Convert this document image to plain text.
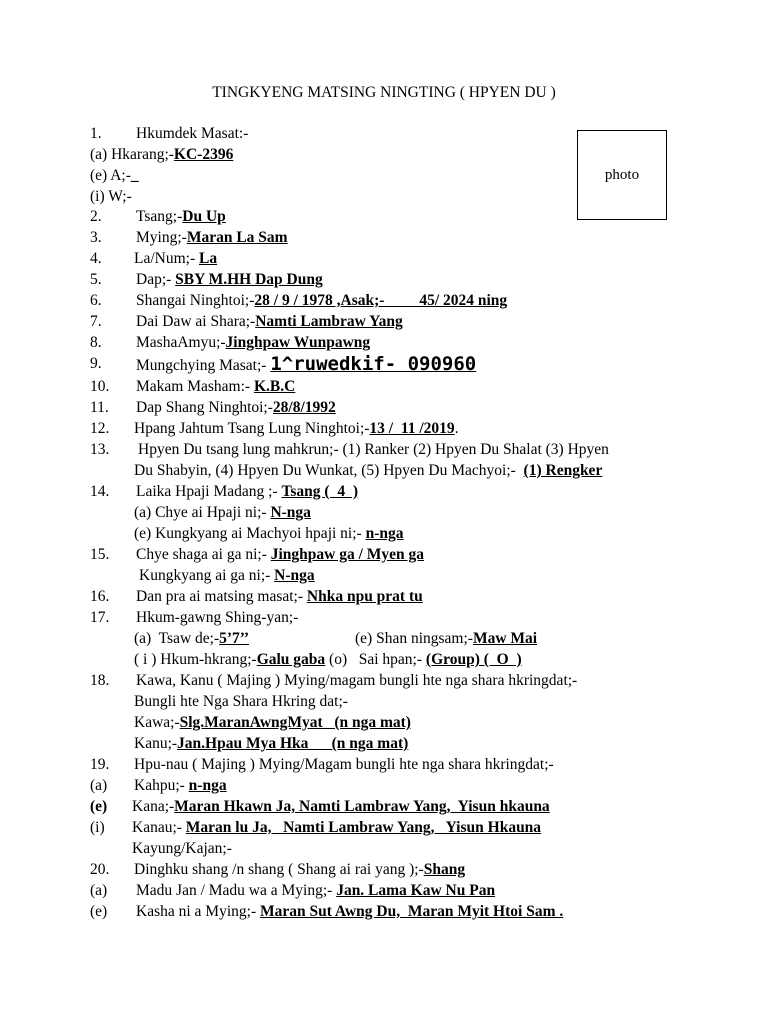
TINGKYENG MATSING NINGTING ( HPYEN DU )
photo
1. Hkumdek Masat:-
(a) Hkarang;-KC-2396
(e) A;-_
(i) W;-
2. Tsang;-Du Up
3. Mying;-Maran La Sam
4. La/Num;- La
5. Dap;- SBY M.HH Dap Dung
6. Shangai Ninghtoi;-28 / 9 / 1978 ,Asak;-         45/ 2024 ning
7. Dai Daw ai Shara;-Namti Lambraw Yang
8. MashaAmyu;-Jinghpaw Wunpawng
9. Mungchying Masat;- 1^ruwedkif- 090960
10. Makam Masham:- K.B.C
11. Dap Shang Ninghtoi;-28/8/1992
12. Hpang Jahtum Tsang Lung Ninghtoi;-13 /  11 /2019.
13. Hpyen Du tsang lung mahkrun;- (1) Ranker (2) Hpyen Du Shalat (3) Hpyen
Du Shabyin, (4) Hpyen Du Wunkat, (5) Hpyen Du Machyoi;-  (1) Rengker
14. Laika Hpaji Madang ;- Tsang (  4  )
(a) Chye ai Hpaji ni;- N-nga
(e) Kungkyang ai Machyoi hpaji ni;- n-nga
15. Chye shaga ai ga ni;- Jinghpaw ga / Myen ga
Kungkyang ai ga ni;- N-nga
16. Dan pra ai matsing masat;- Nhka npu prat tu
17. Hkum-gawng Shing-yan;-
(a)  Tsaw de;-5’7’’	(e) Shan ningsam;-Maw Mai
( i ) Hkum-hkrang;-Galu gaba (o)   Sai hpan;- (Group) (  O  )
18. Kawa, Kanu ( Majing ) Mying/magam bungli hte nga shara hkringdat;-
Bungli hte Nga Shara Hkring dat;-
Kawa;-Slg.MaranAwngMyat   (n nga mat)
Kanu;-Jan.Hpau Mya Hka      (n nga mat)
19. Hpu-nau ( Majing ) Mying/Magam bungli hte nga shara hkringdat;-
(a) Kahpu;- n-nga
(e) Kana;-Maran Hkawn Ja, Namti Lambraw Yang,  Yisun hkauna
(i) Kanau;- Maran lu Ja,   Namti Lambraw Yang,   Yisun Hkauna
Kayung/Kajan;-
20. Dinghku shang /n shang ( Shang ai rai yang );-Shang
(a) Madu Jan / Madu wa a Mying;- Jan. Lama Kaw Nu Pan
(e) Kasha ni a Mying;- Maran Sut Awng Du,  Maran Myit Htoi Sam .
